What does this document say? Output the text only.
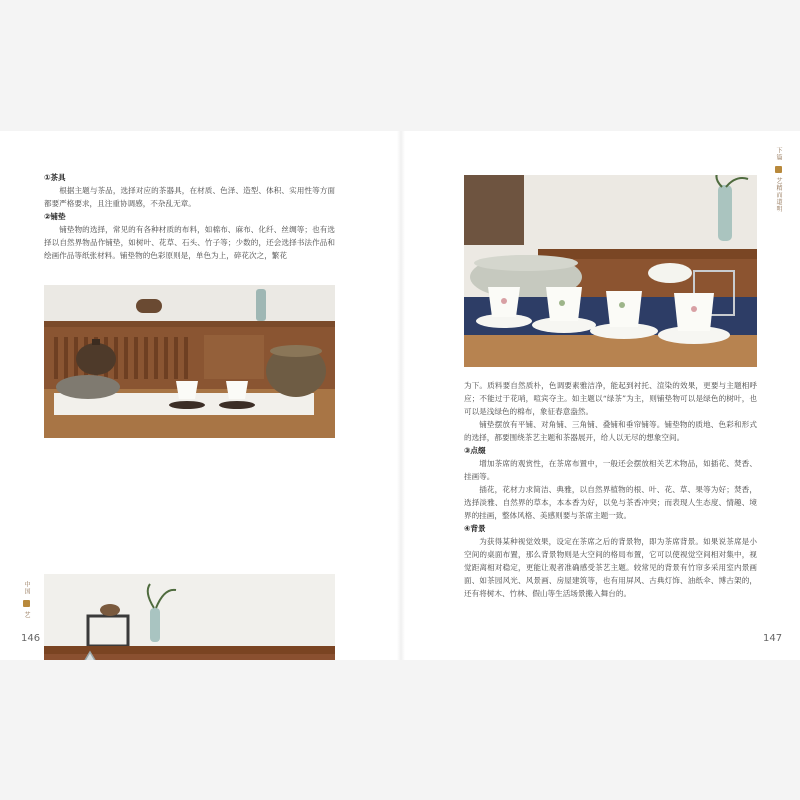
①茶具

根据主题与茶品，选择对应的茶器具，在材质、色泽、造型、体积、实用性等方面都要严格要求，且注重协调感，不杂乱无章。

②铺垫

铺垫物的选择，常见的有各种材质的布料，如棉布、麻布、化纤、丝绸等；也有选择以自然界物品作铺垫，如树叶、花草、石头、竹子等；少数的，还会选择书法作品和绘画作品等纸张材料。铺垫物的色彩原则是，单色为上，碎花次之，繁花

146
中国  艺

为下。质料要自然质朴，色调要素雅洁净，能起到衬托、渲染的效果，更要与主题相呼应；不能过于花哨，喧宾夺主。如主题以“绿茶”为主，则铺垫物可以是绿色的树叶，也可以是浅绿色的棉布，象征春意盎然。

铺垫摆放有平铺、对角铺、三角铺、叠铺和垂帘铺等。铺垫物的质地、色彩和形式的选择，都要围绕茶艺主题和茶器展开，给人以无尽的想象空间。

③点缀

增加茶席的观赏性，在茶席布置中，一般还会摆放相关艺术物品，如插花、焚香、挂画等。

插花，花材力求简洁、典雅，以自然界植物的根、叶、花、草、果等为好；焚香，选择淡雅、自然界的草本，本本香为好，以免与茶香冲突；而表现人生态度、情趣、境界的挂画，整体风格、美感则要与茶席主题一致。

④背景

为获得某种视觉效果，设定在茶席之后的背景物，即为茶席背景。如果说茶席是小空间的桌面布置，那么背景物则是大空间的格局布置，它可以使视觉空间相对集中，视觉距离相对稳定，更能让观者准确感受茶艺主题。较常见的背景有竹帘多采用室内景画面、如茶园风光、风景画、房屋建筑等，也有用屏风、古典灯饰、油纸伞、博古架的，还有将树木、竹林、假山等生活场景搬入舞台的。

147
下篇  艺精而道明
